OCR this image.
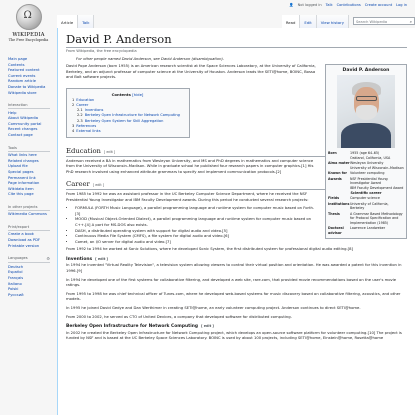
Ω
WIKIPEDIA
The Free Encyclopedia
Main page
Contents
Featured content
Current events
Random article
Donate to Wikipedia
Wikipedia store
Interaction
Help
About Wikipedia
Community portal
Recent changes
Contact page
Tools
What links here
Related changes
Upload file
Special pages
Permanent link
Page information
Wikidata item
Cite this page
In other projects
Wikimedia Commons
Print/export
Create a book
Download as PDF
Printable version
Languages	⚙
Deutsch
Español
Français
Italiano
Polski
Русский
👤 Not logged in Talk Contributions Create account Log in
Article	Talk	Read	Edit	View history	Search Wikipedia	⌕
David P. Anderson
From Wikipedia, the free encyclopedia
For other people named David Anderson, see David Anderson (disambiguation).
David P. Anderson
Born	1955 (age 64–65)
Oakland, California, USA
Alma mater Wesleyan University
University of Wisconsin–Madison
Known for Volunteer computing
Awards	NSF Presidential Young Investigator Award
IBM Faculty Development Award
Scientific career
Fields	Computer science
Institutions University of California, Berkeley
Thesis	A Grammar Based Methodology for Protocol Specification and Implementation (1985)
Doctoral advisor
Lawrence Landweber

David Pope Anderson (born 1955) is an American research scientist at the Space Sciences Laboratory, at the University of California, Berkeley, and an adjunct professor of computer science at the University of Houston. Anderson leads the SETI@home, BOINC, Bossa and Bolt software projects.

Contents [hide]
1 Education
2 Career
2.1 Inventions
2.2 Berkeley Open Infrastructure for Network Computing
2.3 Berkeley Open System for Skill Aggregation
3 References
4 External links
Education [ edit ]

Anderson received a BA in mathematics from Wesleyan University, and MS and PhD degrees in mathematics and computer science from the University of Wisconsin–Madison. While in graduate school he published four research papers in computer graphics.[1] His PhD research involved using enhanced attribute grammars to specify and implement communication protocols.[2]

Career [ edit ]

From 1985 to 1992 he was an assistant professor in the UC Berkeley Computer Science Department, where he received the NSF Presidential Young Investigator and IBM Faculty Development awards. During this period he conducted several research projects:

• FORMULA (FORTH Music Language), a parallel programming language and runtime system for computer music based on Forth.[3]
• MOOD (Musical Object-Oriented Dialect), a parallel programming language and runtime system for computer music based on C++.[4] A port for MS-DOS also exists.
• DASH, a distributed operating system with support for digital audio and video.[5]
• Continuous Media File System (CMFS), a file system for digital audio and video.[6]
• Comet, an I/O server for digital audio and video.[7]

From 1992 to 1994 he worked at Sonic Solutions, where he developed Sonic System, the first distributed system for professional digital audio editing.[8]

Inventions [ edit ]

In 1994 he invented "Virtual Reality Television", a television system allowing viewers to control their virtual position and orientation. He was awarded a patent for this invention in 1996.[9]

In 1994 he developed one of the first systems for collaborative filtering, and developed a web site, rare.com, that provided movie recommendations based on the user's movie ratings.

From 1995 to 1998 he was chief technical officer of Tunes.com, where he developed web-based systems for music discovery based on collaborative filtering, acoustics, and other models.

In 1995 he joined David Gedye and Dan Werthimer in creating SETI@home, an early volunteer computing project. Anderson continues to direct SETI@home.

From 2000 to 2002, he served as CTO of United Devices, a company that developed software for distributed computing.

Berkeley Open Infrastructure for Network Computing [ edit ]

In 2002 he created the Berkeley Open Infrastructure for Network Computing project, which develops an open-source software platform for volunteer computing.[10] The project is funded by NSF and is based at the UC Berkeley Space Sciences Laboratory. BOINC is used by about 100 projects, including SETI@home, Einstein@home, Rosetta@home
